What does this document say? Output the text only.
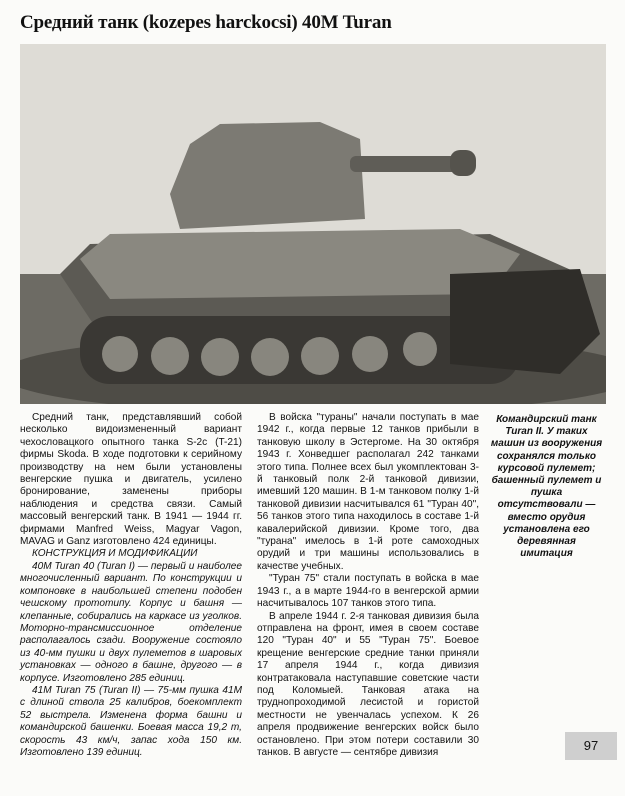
Средний танк (kozepes harckocsi) 40M Turan

Средний танк, представлявший собой несколько видоизмененный вариант чехословацкого опытного танка S-2c (T-21) фирмы Skoda. В ходе подготовки к серийному производству на нем были установлены венгерские пушка и двигатель, усилено бронирование, заменены приборы наблюдения и средства связи. Самый массовый венгерский танк. В 1941 — 1944 гг. фирмами Manfred Weiss, Magyar Vagon, MAVAG и Ganz изготовлено 424 единицы.

КОНСТРУКЦИЯ И МОДИФИКАЦИИ

40M Turan 40 (Turan I) — первый и наиболее многочисленный вариант. По конструкции и компоновке в наибольшей степени подобен чешскому прототипу. Корпус и башня — клепанные, собирались на каркасе из уголков. Моторно-трансмиссионное отделение располагалось сзади. Вооружение состояло из 40-мм пушки и двух пулеметов в шаровых установках — одного в башне, другого — в корпусе. Изготовлено 285 единиц.

41M Turan 75 (Turan II) — 75-мм пушка 41M с длиной ствола 25 калибров, боекомплект 52 выстрела. Изменена форма башни и командирской башенки. Боевая масса 19,2 т, скорость 43 км/ч, запас хода 150 км. Изготовлено 139 единиц.

В войска "тураны" начали поступать в мае 1942 г., когда первые 12 танков прибыли в танковую школу в Эстергоме. На 30 октября 1943 г. Хонведшег располагал 242 танками этого типа. Полнее всех был укомплектован 3-й танковый полк 2-й танковой дивизии, имевший 120 машин. В 1-м танковом полку 1-й танковой дивизии насчитывался 61 "Туран 40", 56 танков этого типа находилось в составе 1-й кавалерийской дивизии. Кроме того, два "турана" имелось в 1-й роте самоходных орудий и три машины использовались в качестве учебных.

"Туран 75" стали поступать в войска в мае 1943 г., а в марте 1944-го в венгерской армии насчитывалось 107 танков этого типа.

В апреле 1944 г. 2-я танковая дивизия была отправлена на фронт, имея в своем составе 120 "Туран 40" и 55 "Туран 75". Боевое крещение венгерские средние танки приняли 17 апреля 1944 г., когда дивизия контратаковала наступавшие советские части под Коломыей. Танковая атака на труднопроходимой лесистой и гористой местности не увенчалась успехом. К 26 апреля продвижение венгерских войск было остановлено. При этом потери составили 30 танков. В августе — сентябре дивизия

Командирский танк Turan II. У таких машин из вооружения сохранялся только курсовой пулемет; башенный пулемет и пушка отсутствовали — вместо орудия установлена его деревянная имитация
97
